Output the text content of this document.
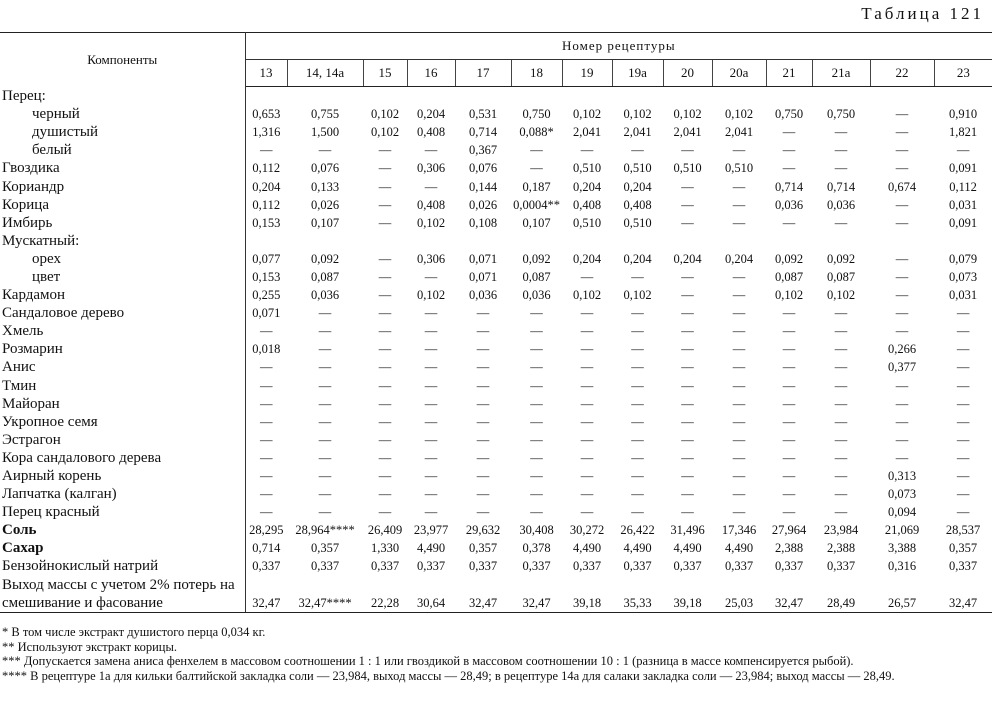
Таблица 121
Компоненты	Номер рецептуры													
	13	14, 14а	15	16	17	18	19	19а	20	20а	21	21а	22	23
Перец:														
черный	0,653	0,755	0,102	0,204	0,531	0,750	0,102	0,102	0,102	0,102	0,750	0,750	—	0,910
душистый	1,316	1,500	0,102	0,408	0,714	0,088*	2,041	2,041	2,041	2,041	—	—	—	1,821
белый	—	—	—	—	0,367	—	—	—	—	—	—	—	—	—
Гвоздика	0,112	0,076	—	0,306	0,076	—	0,510	0,510	0,510	0,510	—	—	—	0,091
Кориандр	0,204	0,133	—	—	0,144	0,187	0,204	0,204	—	—	0,714	0,714	0,674	0,112
Корица	0,112	0,026	—	0,408	0,026	0,0004**	0,408	0,408	—	—	0,036	0,036	—	0,031
Имбирь	0,153	0,107	—	0,102	0,108	0,107	0,510	0,510	—	—	—	—	—	0,091
Мускатный:														
орех	0,077	0,092	—	0,306	0,071	0,092	0,204	0,204	0,204	0,204	0,092	0,092	—	0,079
цвет	0,153	0,087	—	—	0,071	0,087	—	—	—	—	0,087	0,087	—	0,073
Кардамон	0,255	0,036	—	0,102	0,036	0,036	0,102	0,102	—	—	0,102	0,102	—	0,031
Сандаловое дерево	0,071	—	—	—	—	—	—	—	—	—	—	—	—	—
Хмель	—	—	—	—	—	—	—	—	—	—	—	—	—	—
Розмарин	0,018	—	—	—	—	—	—	—	—	—	—	—	0,266	—
Анис	—	—	—	—	—	—	—	—	—	—	—	—	0,377	—
Тмин	—	—	—	—	—	—	—	—	—	—	—	—	—	—
Майоран	—	—	—	—	—	—	—	—	—	—	—	—	—	—
Укропное семя	—	—	—	—	—	—	—	—	—	—	—	—	—	—
Эстрагон	—	—	—	—	—	—	—	—	—	—	—	—	—	—
Кора сандалового дерева	—	—	—	—	—	—	—	—	—	—	—	—	—	—
Аирный корень	—	—	—	—	—	—	—	—	—	—	—	—	0,313	—
Лапчатка (калган)	—	—	—	—	—	—	—	—	—	—	—	—	0,073	—
Перец красный	—	—	—	—	—	—	—	—	—	—	—	—	0,094	—
Соль	28,295	28,964****	26,409	23,977	29,632	30,408	30,272	26,422	31,496	17,346	27,964	23,984	21,069	28,537
Сахар	0,714	0,357	1,330	4,490	0,357	0,378	4,490	4,490	4,490	4,490	2,388	2,388	3,388	0,357
Бензойнокислый натрий	0,337	0,337	0,337	0,337	0,337	0,337	0,337	0,337	0,337	0,337	0,337	0,337	0,316	0,337
Выход массы с учетом 2% потерь на смешивание и фасование	32,47	32,47****	22,28	30,64	32,47	32,47	39,18	35,33	39,18	25,03	32,47	28,49	26,57	32,47

* В том числе экстракт душистого перца 0,034 кг.

** Используют экстракт корицы.

*** Допускается замена аниса фенхелем в массовом соотношении 1 : 1 или гвоздикой в массовом соотношении 10 : 1 (разница в массе компенсируется рыбой).

**** В рецептуре 1а для кильки балтийской закладка соли — 23,984, выход массы — 28,49; в рецептуре 14а для салаки закладка соли — 23,984; выход массы — 28,49.
